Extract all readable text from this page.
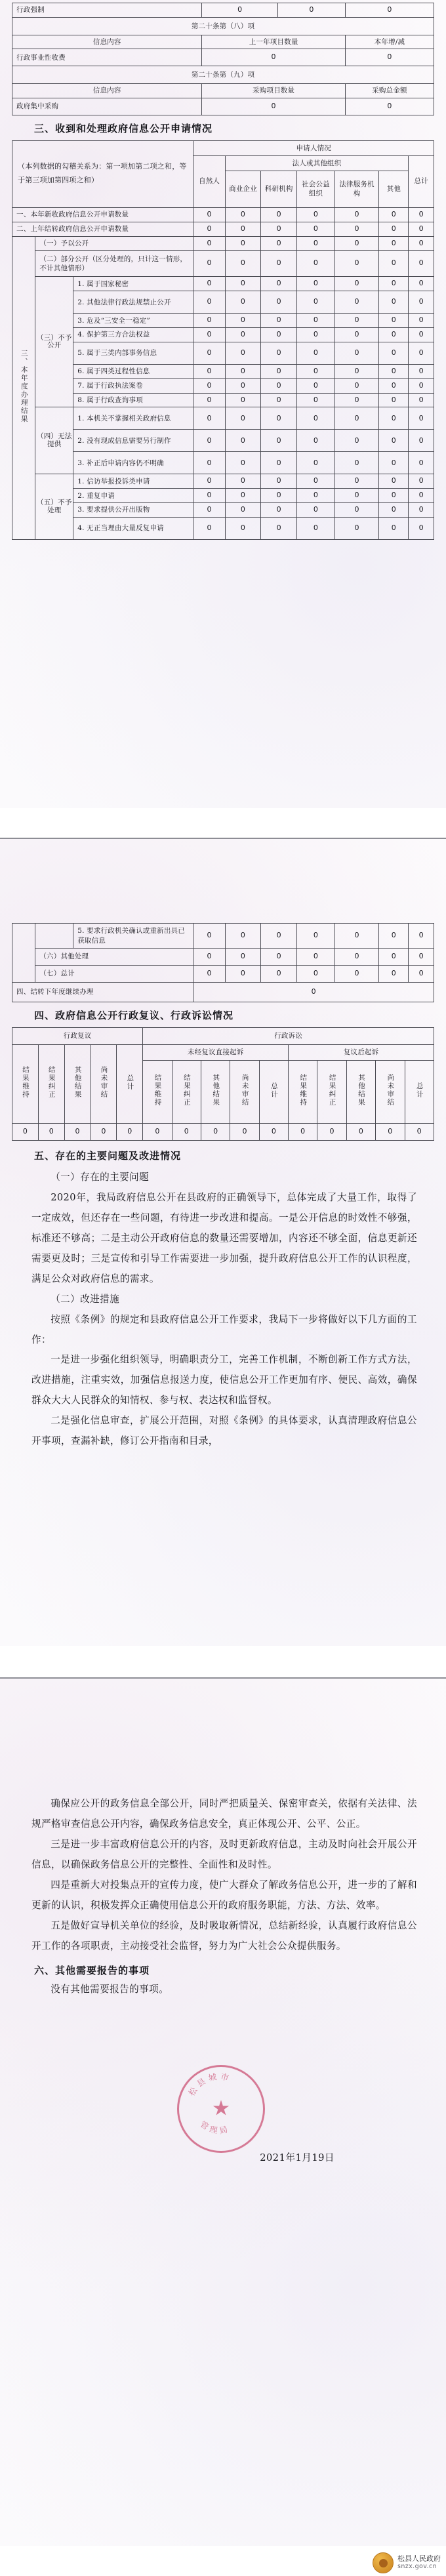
行政强制	0	0	0
第二十条第（八）项			
信息内容	上一年项目数量		本年增/减
行政事业性收费	0		0
第二十条第（九）项			
信息内容	采购项目数量		采购总金额
政府集中采购	0		0
三、收到和处理政府信息公开申请情况
（本列数据的勾稽关系为：第一项加第二项之和，等于第三项加第四项之和）			申请人情况						

			自然人	法人或其他组织					总计

				商业企业	科研机构	社会公益组织	法律服务机构	其他	
一、本年新收政府信息公开申请数量			0	0	0	0	0	0	0
二、上年结转政府信息公开申请数量			0	0	0	0	0	0	0
三、本年度办理结果	（一）予以公开		0	0	0	0	0	0	0
	（二）部分公开（区分处理的，只计这一情形，不计其他情形）		0	0	0	0	0	0	0

	（三）不予公开	1. 属于国家秘密	0	0	0	0	0	0	0
		2. 其他法律行政法规禁止公开	0	0	0	0	0	0	0
		3. 危及“三安全一稳定”	0	0	0	0	0	0	0
		4. 保护第三方合法权益	0	0	0	0	0	0	0
		5. 属于三类内部事务信息	0	0	0	0	0	0	0
		6. 属于四类过程性信息	0	0	0	0	0	0	0
		7. 属于行政执法案卷	0	0	0	0	0	0	0
		8. 属于行政查询事项	0	0	0	0	0	0	0

	（四）无法提供	1. 本机关不掌握相关政府信息	0	0	0	0	0	0	0
		2. 没有现成信息需要另行制作	0	0	0	0	0	0	0
		3. 补正后申请内容仍不明确	0	0	0	0	0	0	0

	（五）不予处理	1. 信访举报投诉类申请	0	0	0	0	0	0	0
		2. 重复申请	0	0	0	0	0	0	0
		3. 要求提供公开出版物	0	0	0	0	0	0	0
		4. 无正当理由大量反复申请	0	0	0	0	0	0	0
		5. 要求行政机关确认或重新出具已获取信息	0	0	0	0	0	0	0
	（六）其他处理		0	0	0	0	0	0	0
	（七）总计		0	0	0	0	0	0	0
四、结转下年度继续办理			0						
四、政府信息公开行政复议、行政诉讼情况
行政复议					行政诉讼									
结果维持	结果纠正	其他结果	尚未审结	总计	未经复议直接起诉					复议后起诉				
					结果维持	结果纠正	其他结果	尚未审结	总计	结果维持	结果纠正	其他结果	尚未审结	总计
0	0	0	0	0	0	0	0	0	0	0	0	0	0	0
五、存在的主要问题及改进情况

（一）存在的主要问题

2020年，我局政府信息公开在县政府的正确领导下，总体完成了大量工作，取得了一定成效，但还存在一些问题，有待进一步改进和提高。一是公开信息的时效性不够强，标准还不够高；二是主动公开政府信息的数量还需要增加，内容还不够全面，信息更新还需要更及时；三是宣传和引导工作需要进一步加强，提升政府信息公开工作的认识程度，满足公众对政府信息的需求。

（二）改进措施

按照《条例》的规定和县政府信息公开工作要求，我局下一步将做好以下几方面的工作：

一是进一步强化组织领导，明确职责分工，完善工作机制，不断创新工作方式方法，改进措施，注重实效，加强信息报送力度，使信息公开工作更加有序、便民、高效，确保群众大大人民群众的知情权、参与权、表达权和监督权。

二是强化信息审查，扩展公开范围，对照《条例》的具体要求，认真清理政府信息公开事项，查漏补缺，修订公开指南和目录，

确保应公开的政务信息全部公开，同时严把质量关、保密审查关，依据有关法律、法规严格审查信息公开内容，确保政务信息安全，真正体现公开、公平、公正。

三是进一步丰富政府信息公开的内容，及时更新政府信息，主动及时向社会开展公开信息，以确保政务信息公开的完整性、全面性和及时性。

四是重新大对投集点开的宣传力度，使广大群众了解政务信息公开，进一步的了解和更新的认识，积极发挥众正确使用信息公开的政府服务职能，方法、方法、效率。

五是做好宣导机关单位的经验，及时吸取新情况，总结新经验，认真履行政府信息公开工作的各项职责，主动接受社会监督，努力为广大社会公众提供服务。

六、其他需要报告的事项

没有其他需要报告的事项。

松县城市
管理局
★
2021年1月19日
松县人民政府
snzx.gov.cn
